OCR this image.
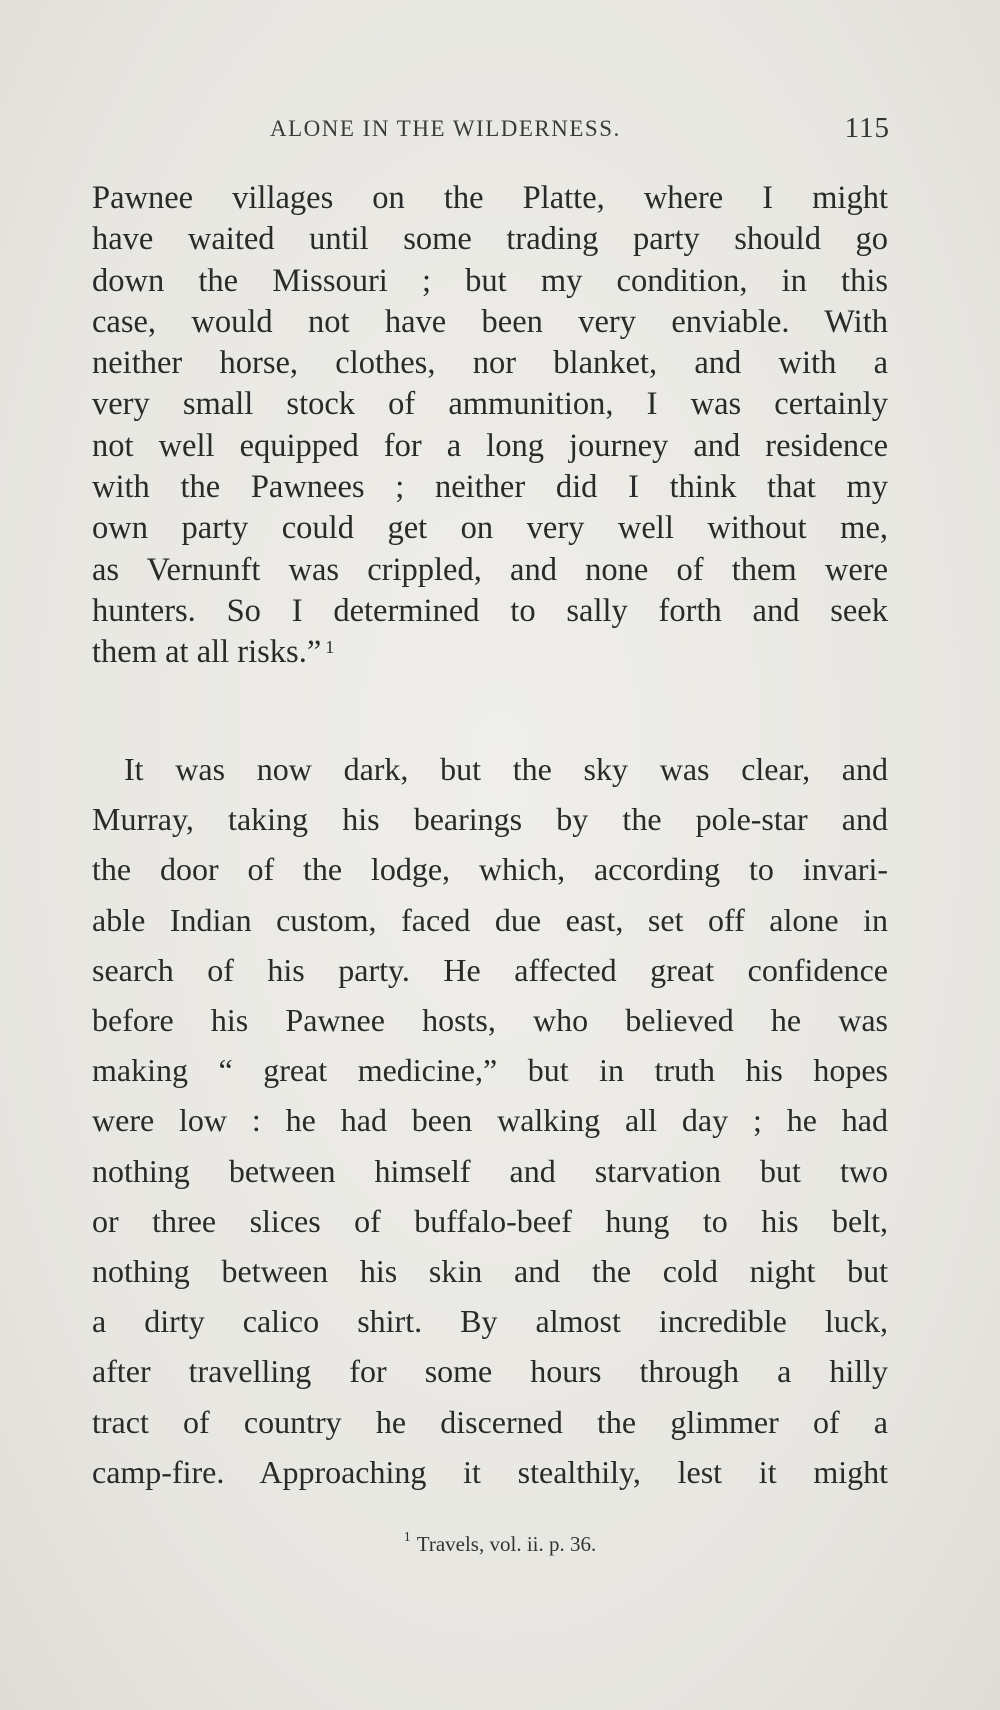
ALONE IN THE WILDERNESS.	115
Pawnee villages on the Platte, where I might
have waited until some trading party should go
down the Missouri ; but my condition, in this
case, would not have been very enviable. With
neither horse, clothes, nor blanket, and with a
very small stock of ammunition, I was certainly
not well equipped for a long journey and residence
with the Pawnees ; neither did I think that my
own party could get on very well without me,
as Vernunft was crippled, and none of them were
hunters. So I determined to sally forth and seek
them at all risks.” $^1$
It was now dark, but the sky was clear, and
Murray, taking his bearings by the pole-star and
the door of the lodge, which, according to invari-
able Indian custom, faced due east, set off alone in
search of his party. He affected great confidence
before his Pawnee hosts, who believed he was
making “ great medicine,” but in truth his hopes
were low : he had been walking all day ; he had
nothing between himself and starvation but two
or three slices of buffalo-beef hung to his belt,
nothing between his skin and the cold night but
a dirty calico shirt. By almost incredible luck,
after travelling for some hours through a hilly
tract of country he discerned the glimmer of a
camp-fire. Approaching it stealthily, lest it might
$^1$ Travels, vol. ii. p. 36.
